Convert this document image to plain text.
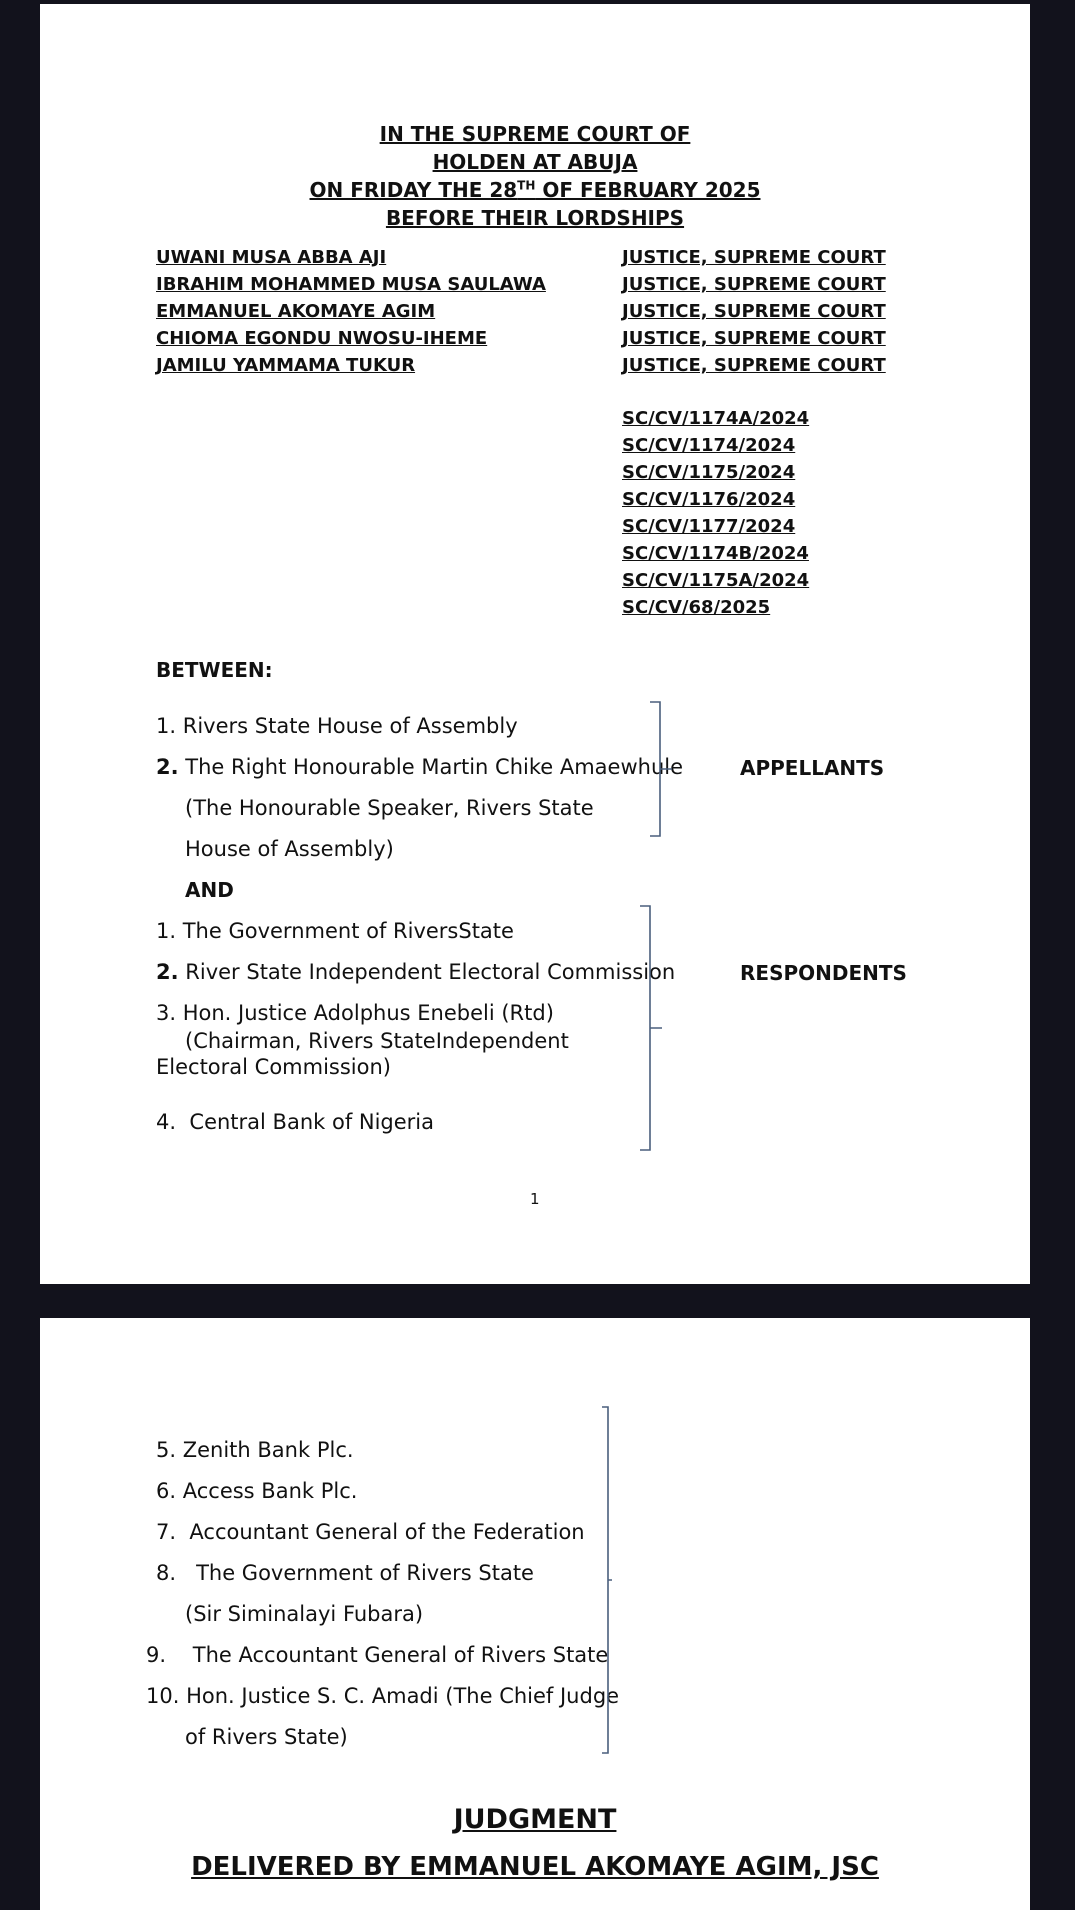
IN THE SUPREME COURT OF
HOLDEN AT ABUJA
ON FRIDAY THE 28TH OF FEBRUARY 2025
BEFORE THEIR LORDSHIPS
UWANI MUSA ABBA AJI	JUSTICE, SUPREME COURT
IBRAHIM MOHAMMED MUSA SAULAWA	JUSTICE, SUPREME COURT
EMMANUEL AKOMAYE AGIM	JUSTICE, SUPREME COURT
CHIOMA EGONDU NWOSU-IHEME	JUSTICE, SUPREME COURT
JAMILU YAMMAMA TUKUR	JUSTICE, SUPREME COURT
SC/CV/1174A/2024
SC/CV/1174/2024
SC/CV/1175/2024
SC/CV/1176/2024
SC/CV/1177/2024
SC/CV/1174B/2024
SC/CV/1175A/2024
SC/CV/68/2025
BETWEEN:
1. Rivers State House of Assembly
2. The Right Honourable Martin Chike Amaewhule
(The Honourable Speaker, Rivers State
House of Assembly)
APPELLANTS
AND
1. The Government of RiversState
2. River State Independent Electoral Commission
3. Hon. Justice Adolphus Enebeli (Rtd)
(Chairman, Rivers StateIndependent
Electoral Commission)
4. Central Bank of Nigeria
RESPONDENTS
1
5. Zenith Bank Plc.
6. Access Bank Plc.
7. Accountant General of the Federation
8. The Government of Rivers State
(Sir Siminalayi Fubara)
9. The Accountant General of Rivers State
10. Hon. Justice S. C. Amadi (The Chief Judge
of Rivers State)
JUDGMENT
DELIVERED BY EMMANUEL AKOMAYE AGIM, JSC
